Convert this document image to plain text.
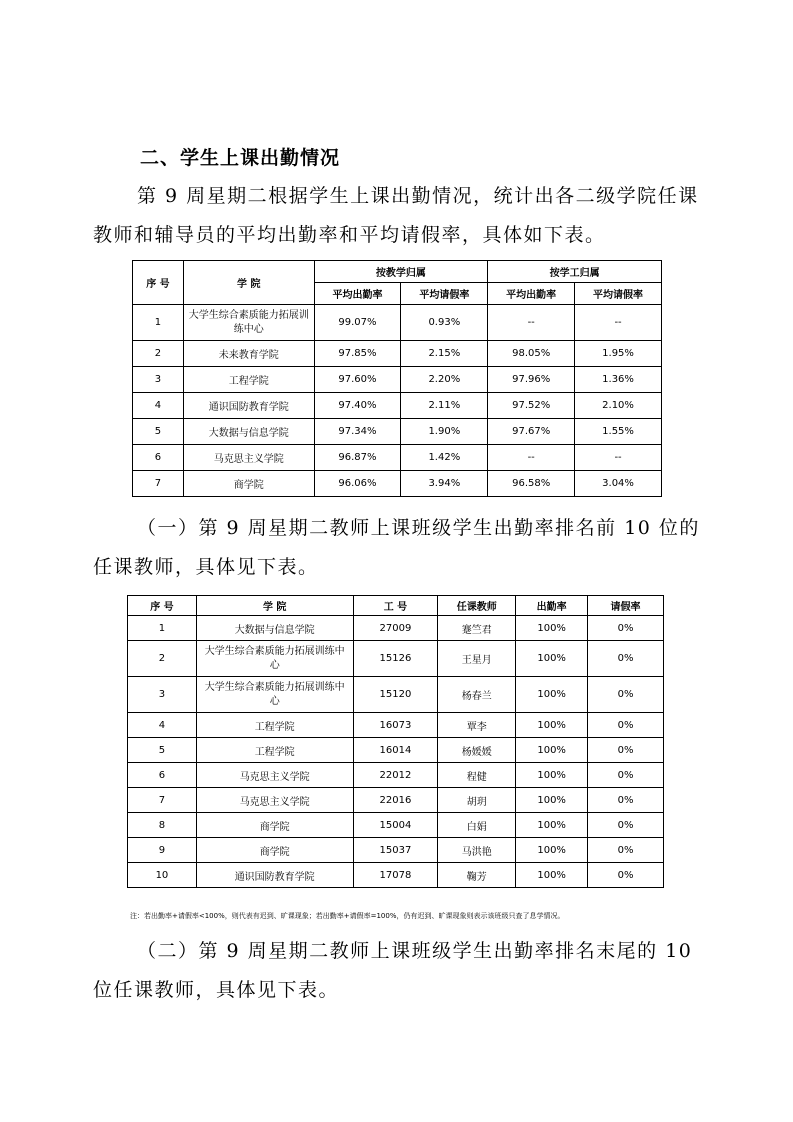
二、学生上课出勤情况

第 9 周星期二根据学生上课出勤情况，统计出各二级学院任课教师和辅导员的平均出勤率和平均请假率，具体如下表。

序 号	学 院	按教学归属		按学工归属	
		平均出勤率	平均请假率	平均出勤率	平均请假率
1	大学生综合素质能力拓展训练中心	99.07%	0.93%	--	--
2	未来教育学院	97.85%	2.15%	98.05%	1.95%
3	工程学院	97.60%	2.20%	97.96%	1.36%
4	通识国防教育学院	97.40%	2.11%	97.52%	2.10%
5	大数据与信息学院	97.34%	1.90%	97.67%	1.55%
6	马克思主义学院	96.87%	1.42%	--	--
7	商学院	96.06%	3.94%	96.58%	3.04%

（一）第 9 周星期二教师上课班级学生出勤率排名前 10 位的任课教师，具体见下表。

序 号	学 院	工 号	任课教师	出勤率	请假率
1	大数据与信息学院	27009	蹇竺君	100%	0%
2	大学生综合素质能力拓展训练中心	15126	王星月	100%	0%
3	大学生综合素质能力拓展训练中心	15120	杨春兰	100%	0%
4	工程学院	16073	覃李	100%	0%
5	工程学院	16014	杨媛媛	100%	0%
6	马克思主义学院	22012	程健	100%	0%
7	马克思主义学院	22016	胡玥	100%	0%
8	商学院	15004	白娟	100%	0%
9	商学院	15037	马洪艳	100%	0%
10	通识国防教育学院	17078	鞠芳	100%	0%
注：若出勤率+请假率<100%，则代表有迟到、旷课现象；若出勤率+请假率=100%，仍有迟到、旷课现象则表示该班级只查了息学情况。

（二）第 9 周星期二教师上课班级学生出勤率排名末尾的 10 位任课教师，具体见下表。
